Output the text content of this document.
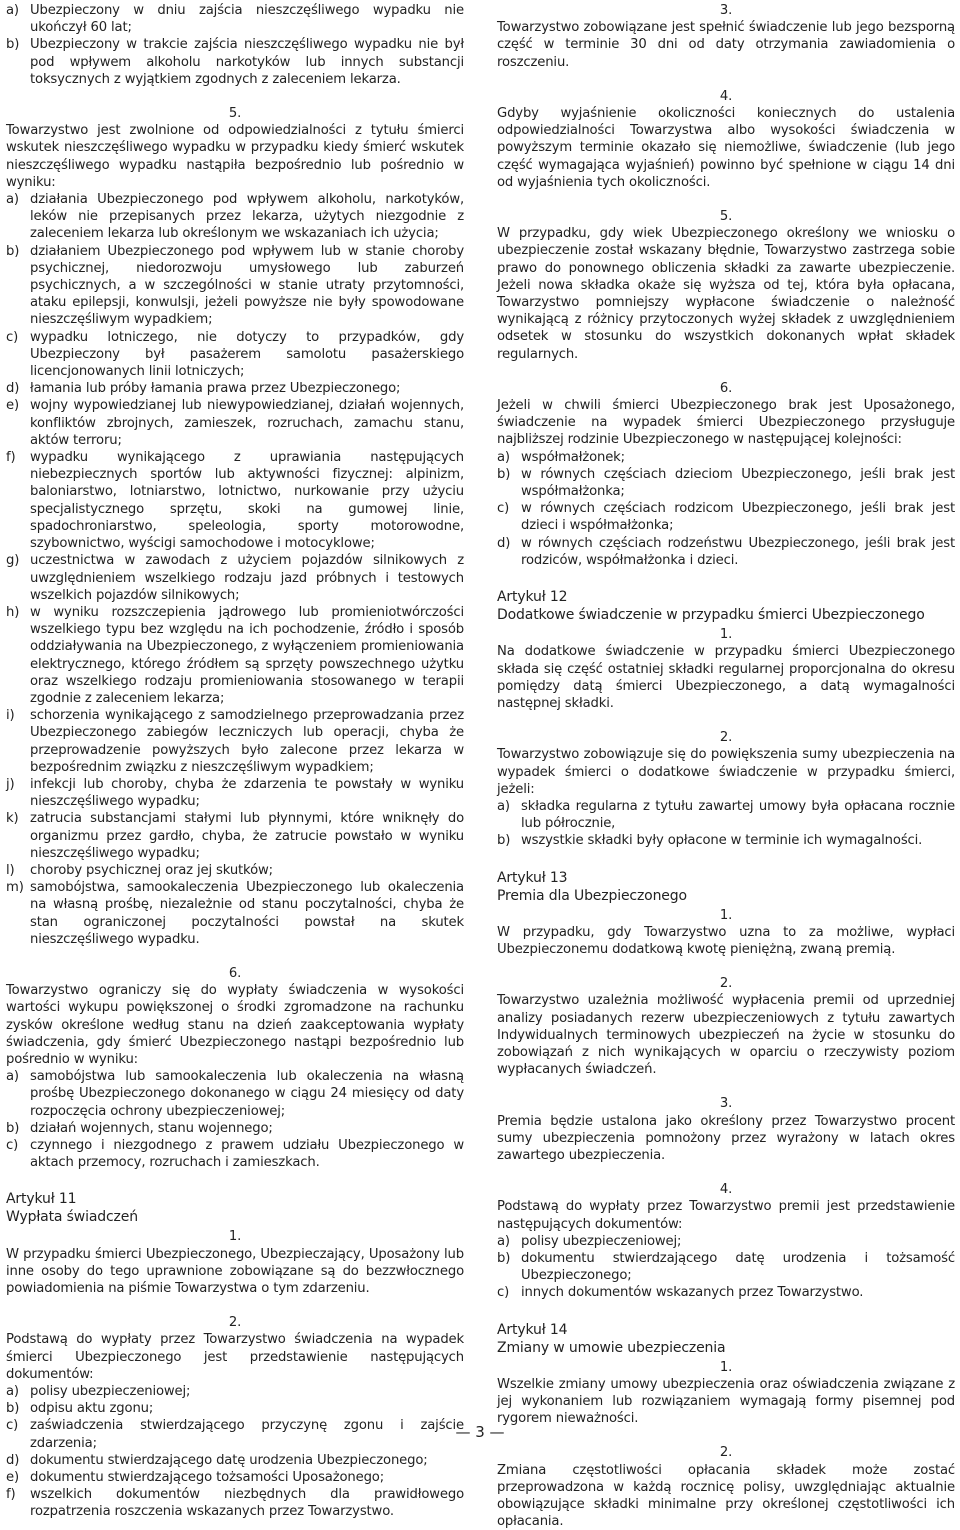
a) Ubezpieczony w dniu zajścia nieszczęśliwego wypadku nie ukończył 60 lat;
b) Ubezpieczony w trakcie zajścia nieszczęśliwego wypadku nie był pod wpływem alkoholu narkotyków lub innych substancji toksycznych z wyjątkiem zgodnych z zaleceniem lekarza.

5.

Towarzystwo jest zwolnione od odpowiedzialności z tytułu śmierci wskutek nieszczęśliwego wypadku w przypadku kiedy śmierć wskutek nieszczęśliwego wypadku nastąpiła bezpośrednio lub pośrednio w wyniku:

a) działania Ubezpieczonego pod wpływem alkoholu, narkotyków, leków nie przepisanych przez lekarza, użytych niezgodnie z zaleceniem lekarza lub określonym we wskazaniach ich użycia;
b) działaniem Ubezpieczonego pod wpływem lub w stanie choroby psychicznej, niedorozwoju umysłowego lub zaburzeń psychicznych, a w szczególności w stanie utraty przytomności, ataku epilepsji, konwulsji, jeżeli powyższe nie były spowodowane nieszczęśliwym wypadkiem;
c) wypadku lotniczego, nie dotyczy to przypadków, gdy Ubezpieczony był pasażerem samolotu pasażerskiego licencjonowanych linii lotniczych;
d) łamania lub próby łamania prawa przez Ubezpieczonego;
e) wojny wypowiedzianej lub niewypowiedzianej, działań wojennych, konfliktów zbrojnych, zamieszek, rozruchach, zamachu stanu, aktów terroru;
f)	wypadku wynikającego z uprawiania następujących niebezpiecznych sportów lub aktywności fizycznej: alpinizm, baloniarstwo, lotniarstwo, lotnictwo, nurkowanie przy użyciu specjalistycznego sprzętu, skoki na gumowej linie, spadochroniarstwo, speleologia, sporty motorowodne, szybownictwo, wyścigi samochodowe i motocyklowe;
g) uczestnictwa w zawodach z użyciem pojazdów silnikowych z uwzględnieniem wszelkiego rodzaju jazd próbnych i testowych wszelkich pojazdów silnikowych;
h) w wyniku rozszczepienia jądrowego lub promieniotwórczości wszelkiego typu bez względu na ich pochodzenie, źródło i sposób oddziaływania na Ubezpieczonego, z wyłączeniem promieniowania elektrycznego, którego źródłem są sprzęty powszechnego użytku oraz wszelkiego rodzaju promieniowania stosowanego w terapii zgodnie z zaleceniem lekarza;
i)	schorzenia wynikającego z samodzielnego przeprowadzania przez Ubezpieczonego zabiegów leczniczych lub operacji, chyba że przeprowadzenie powyższych było zalecone przez lekarza w bezpośrednim związku z nieszczęśliwym wypadkiem;
j)	infekcji lub choroby, chyba że zdarzenia te powstały w wyniku nieszczęśliwego wypadku;
k) zatrucia substancjami stałymi lub płynnymi, które wniknęły do organizmu przez gardło, chyba, że zatrucie powstało w wyniku nieszczęśliwego wypadku;
l)	choroby psychicznej oraz jej skutków;
m) samobójstwa, samookaleczenia Ubezpieczonego lub okaleczenia na własną prośbę, niezależnie od stanu poczytalności, chyba że stan ograniczonej poczytalności powstał na skutek nieszczęśliwego wypadku.

6.

Towarzystwo ograniczy się do wypłaty świadczenia w wysokości wartości wykupu powiększonej o środki zgromadzone na rachunku zysków określone według stanu na dzień zaakceptowania wypłaty świadczenia, gdy śmierć Ubezpieczonego nastąpi bezpośrednio lub pośrednio w wyniku:

a) samobójstwa lub samookaleczenia lub okaleczenia na własną prośbę Ubezpieczonego dokonanego w ciągu 24 miesięcy od daty rozpoczęcia ochrony ubezpieczeniowej;
b) działań wojennych, stanu wojennego;
c) czynnego i niezgodnego z prawem udziału Ubezpieczonego w aktach przemocy, rozruchach i zamieszkach.

Artykuł 11

Wypłata świadczeń

1.

W przypadku śmierci Ubezpieczonego, Ubezpieczający, Uposażony lub inne osoby do tego uprawnione zobowiązane są do bezzwłocznego powiadomienia na piśmie Towarzystwa o tym zdarzeniu.

2.

Podstawą do wypłaty przez Towarzystwo świadczenia na wypadek śmierci Ubezpieczonego jest przedstawienie następujących dokumentów:

a) polisy ubezpieczeniowej;
b) odpisu aktu zgonu;
c) zaświadczenia stwierdzającego przyczynę zgonu i zajście zdarzenia;
d) dokumentu stwierdzającego datę urodzenia Ubezpieczonego;
e) dokumentu stwierdzającego tożsamości Uposażonego;
f)	wszelkich dokumentów niezbędnych dla prawidłowego rozpatrzenia roszczenia wskazanych przez Towarzystwo.

3.

Towarzystwo zobowiązane jest spełnić świadczenie lub jego bezsporną część w terminie 30 dni od daty otrzymania zawiadomienia o roszczeniu.

4.

Gdyby wyjaśnienie okoliczności koniecznych do ustalenia odpowiedzialności Towarzystwa albo wysokości świadczenia w powyższym terminie okazało się niemożliwe, świadczenie (lub jego część wymagająca wyjaśnień) powinno być spełnione w ciągu 14 dni od wyjaśnienia tych okoliczności.

5.

W przypadku, gdy wiek Ubezpieczonego określony we wniosku o ubezpieczenie został wskazany błędnie, Towarzystwo zastrzega sobie prawo do ponownego obliczenia składki za zawarte ubezpieczenie. Jeżeli nowa składka okaże się wyższa od tej, która była opłacana, Towarzystwo pomniejszy wypłacone świadczenie o należność wynikającą z różnicy przytoczonych wyżej składek z uwzględnieniem odsetek w stosunku do wszystkich dokonanych wpłat składek regularnych.

6.

Jeżeli w chwili śmierci Ubezpieczonego brak jest Uposażonego, świadczenie na wypadek śmierci Ubezpieczonego przysługuje najbliższej rodzinie Ubezpieczonego w następującej kolejności:

a) współmałżonek;
b) w równych częściach dzieciom Ubezpieczonego, jeśli brak jest współmałżonka;
c) w równych częściach rodzicom Ubezpieczonego, jeśli brak jest dzieci i współmałżonka;
d) w równych częściach rodzeństwu Ubezpieczonego, jeśli brak jest rodziców, współmałżonka i dzieci.

Artykuł 12

Dodatkowe świadczenie w przypadku śmierci Ubezpieczonego

1.

Na dodatkowe świadczenie w przypadku śmierci Ubezpieczonego składa się część ostatniej składki regularnej proporcjonalna do okresu pomiędzy datą śmierci Ubezpieczonego, a datą wymagalności następnej składki.

2.

Towarzystwo zobowiązuje się do powiększenia sumy ubezpieczenia na wypadek śmierci o dodatkowe świadczenie w przypadku śmierci, jeżeli:

a) składka regularna z tytułu zawartej umowy była opłacana rocznie lub półrocznie,
b) wszystkie składki były opłacone w terminie ich wymagalności.

Artykuł 13

Premia dla Ubezpieczonego

1.

W przypadku, gdy Towarzystwo uzna to za możliwe, wypłaci Ubezpieczonemu dodatkową kwotę pieniężną, zwaną premią.

2.

Towarzystwo uzależnia możliwość wypłacenia premii od uprzedniej analizy posiadanych rezerw ubezpieczeniowych z tytułu zawartych Indywidualnych terminowych ubezpieczeń na życie w stosunku do zobowiązań z nich wynikających w oparciu o rzeczywisty poziom wypłacanych świadczeń.

3.

Premia będzie ustalona jako określony przez Towarzystwo procent sumy ubezpieczenia pomnożony przez wyrażony w latach okres zawartego ubezpieczenia.

4.

Podstawą do wypłaty przez Towarzystwo premii jest przedstawienie następujących dokumentów:

a) polisy ubezpieczeniowej;
b) dokumentu stwierdzającego datę urodzenia i tożsamość Ubezpieczonego;
c) innych dokumentów wskazanych przez Towarzystwo.

Artykuł 14

Zmiany w umowie ubezpieczenia

1.

Wszelkie zmiany umowy ubezpieczenia oraz oświadczenia związane z jej wykonaniem lub rozwiązaniem wymagają formy pisemnej pod rygorem nieważności.

2.

Zmiana częstotliwości opłacania składek może zostać przeprowadzona w każdą rocznicę polisy, uwzględniając aktualnie obowiązujące składki minimalne przy określonej częstotliwości ich opłacania.

— 3 —
